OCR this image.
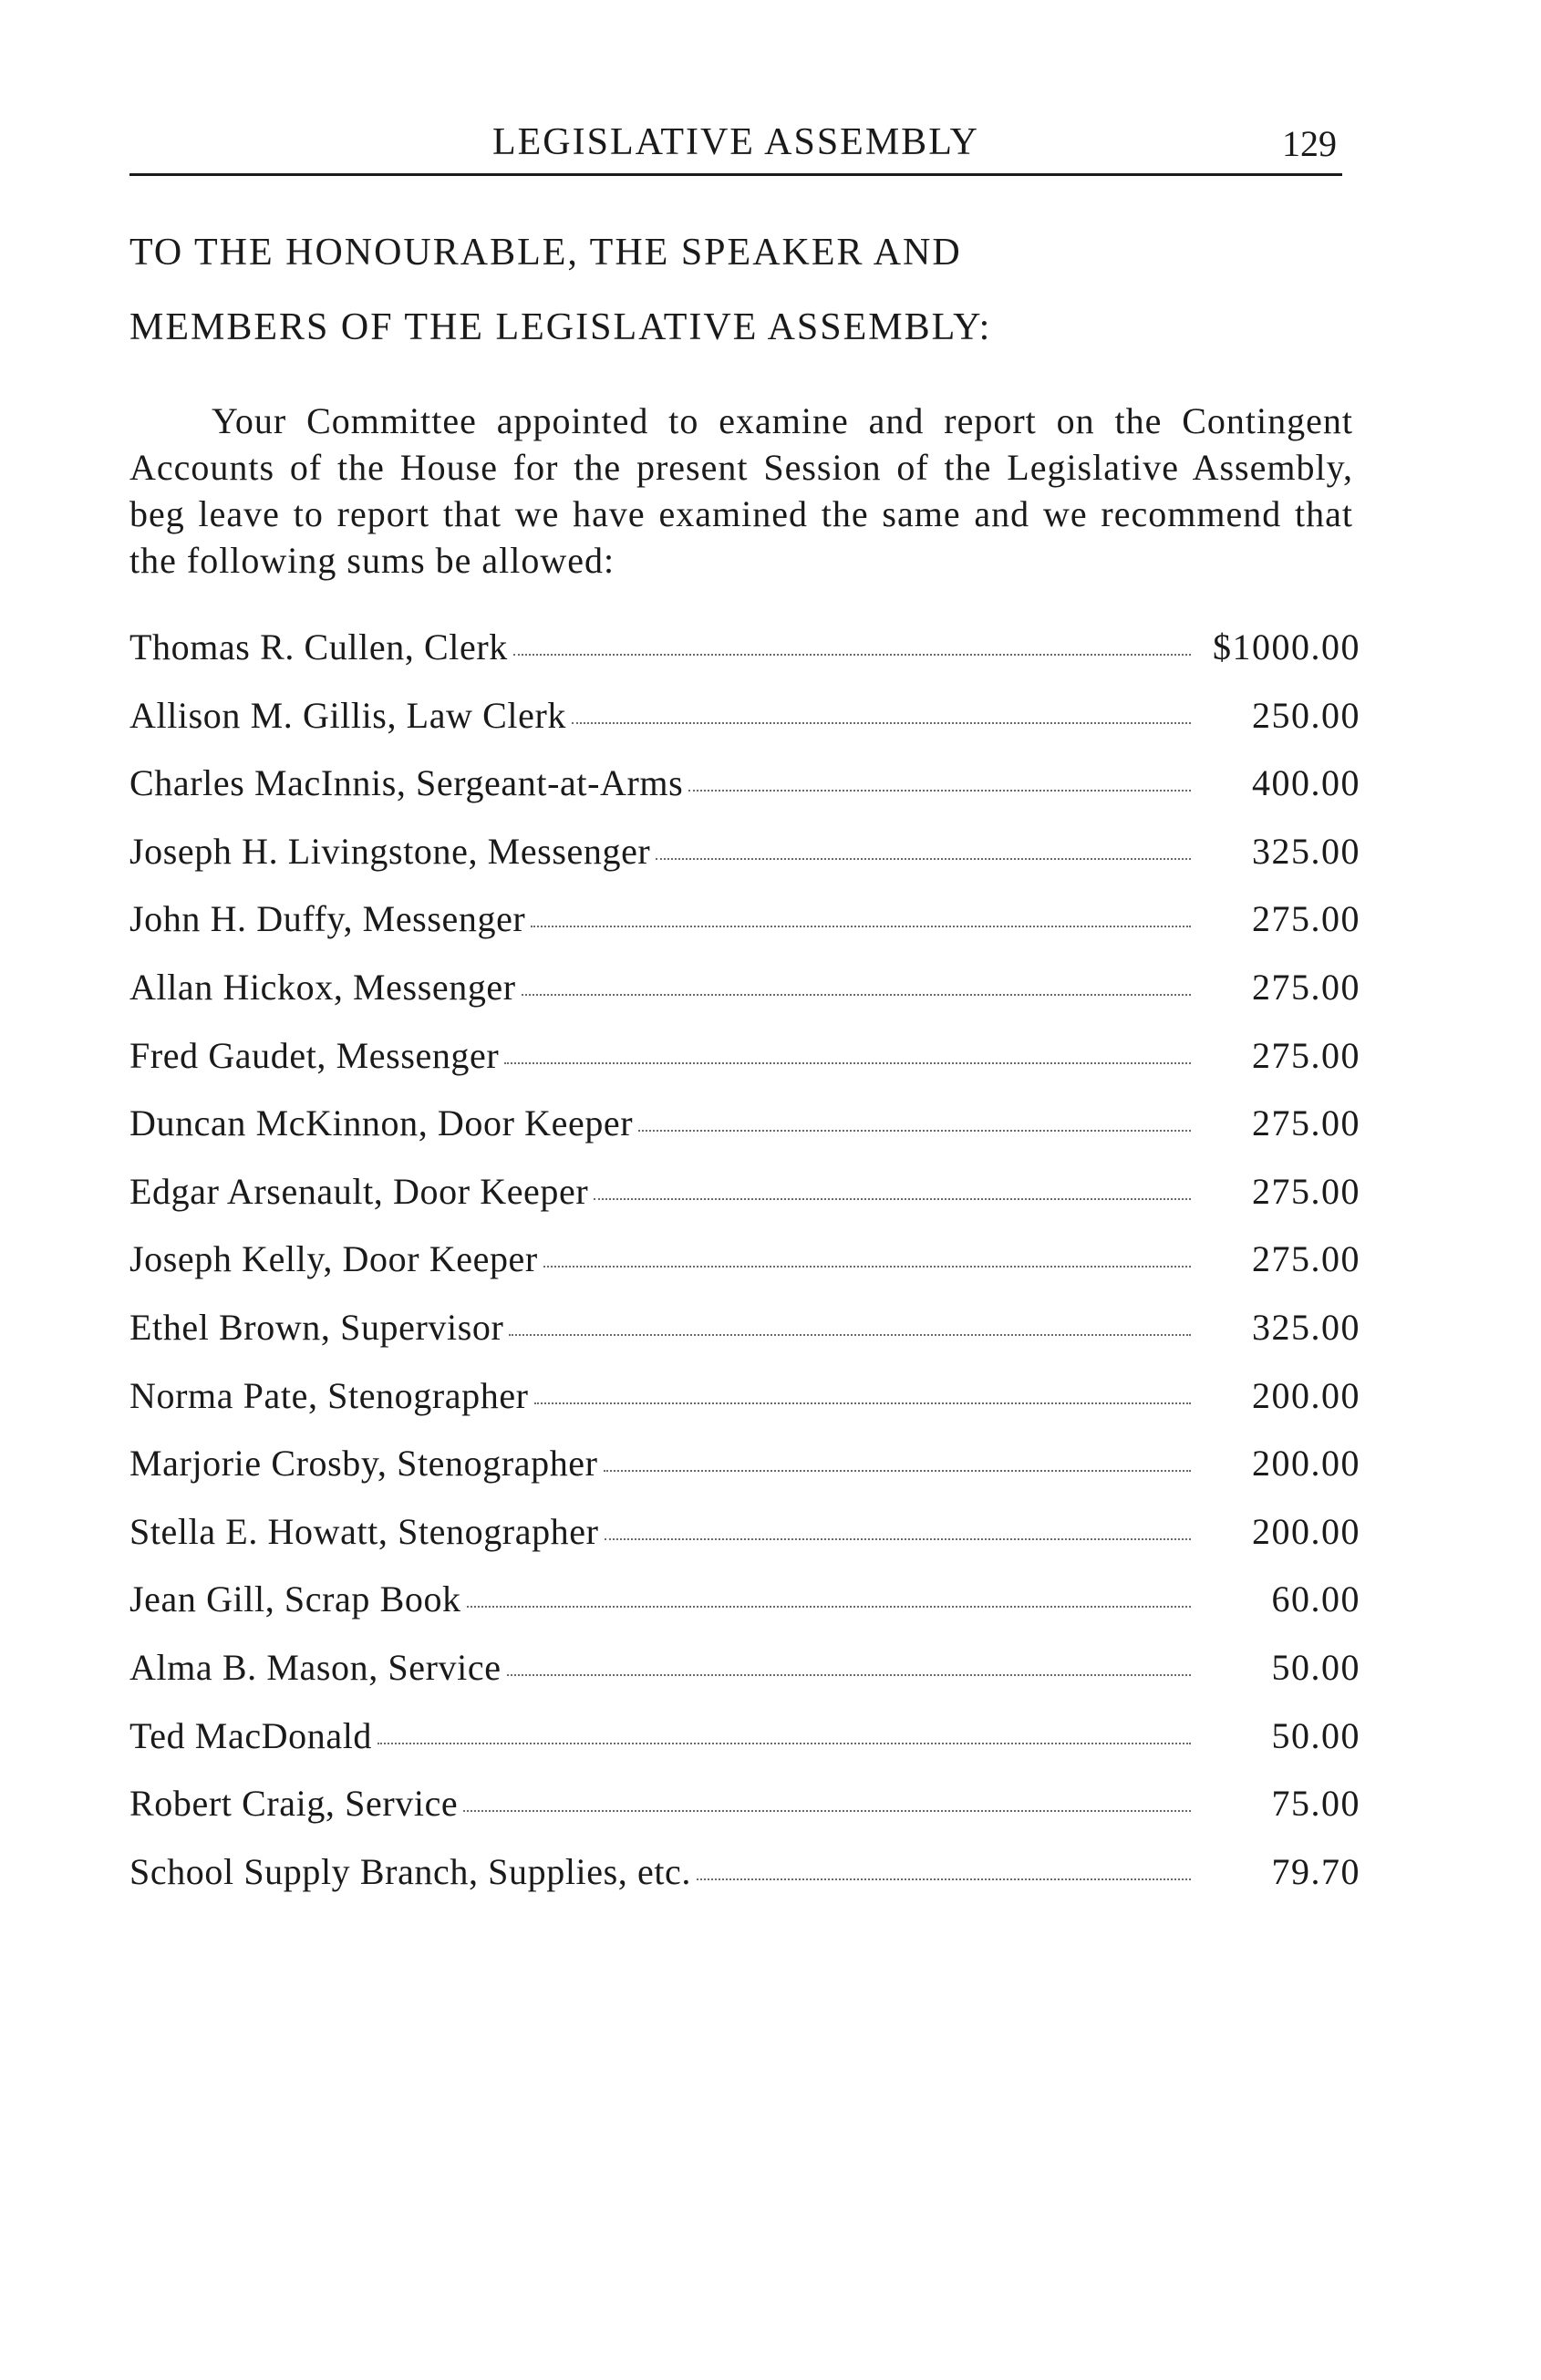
LEGISLATIVE ASSEMBLY	129
TO THE HONOURABLE, THE SPEAKER AND
MEMBERS OF THE LEGISLATIVE ASSEMBLY:

Your Committee appointed to examine and report on the Contingent Accounts of the House for the present Session of the Legislative Assembly, beg leave to report that we have examined the same and we recommend that the following sums be allowed:

Thomas R. Cullen, Clerk	$1000.00
Allison M. Gillis, Law Clerk	250.00
Charles MacInnis, Sergeant-at-Arms	400.00
Joseph H. Livingstone, Messenger	325.00
John H. Duffy, Messenger	275.00
Allan Hickox, Messenger	275.00
Fred Gaudet, Messenger	275.00
Duncan McKinnon, Door Keeper	275.00
Edgar Arsenault, Door Keeper	275.00
Joseph Kelly, Door Keeper	275.00
Ethel Brown, Supervisor	325.00
Norma Pate, Stenographer	200.00
Marjorie Crosby, Stenographer	200.00
Stella E. Howatt, Stenographer	200.00
Jean Gill, Scrap Book	60.00
Alma B. Mason, Service	50.00
Ted MacDonald	50.00
Robert Craig, Service	75.00
School Supply Branch, Supplies, etc.	79.70
